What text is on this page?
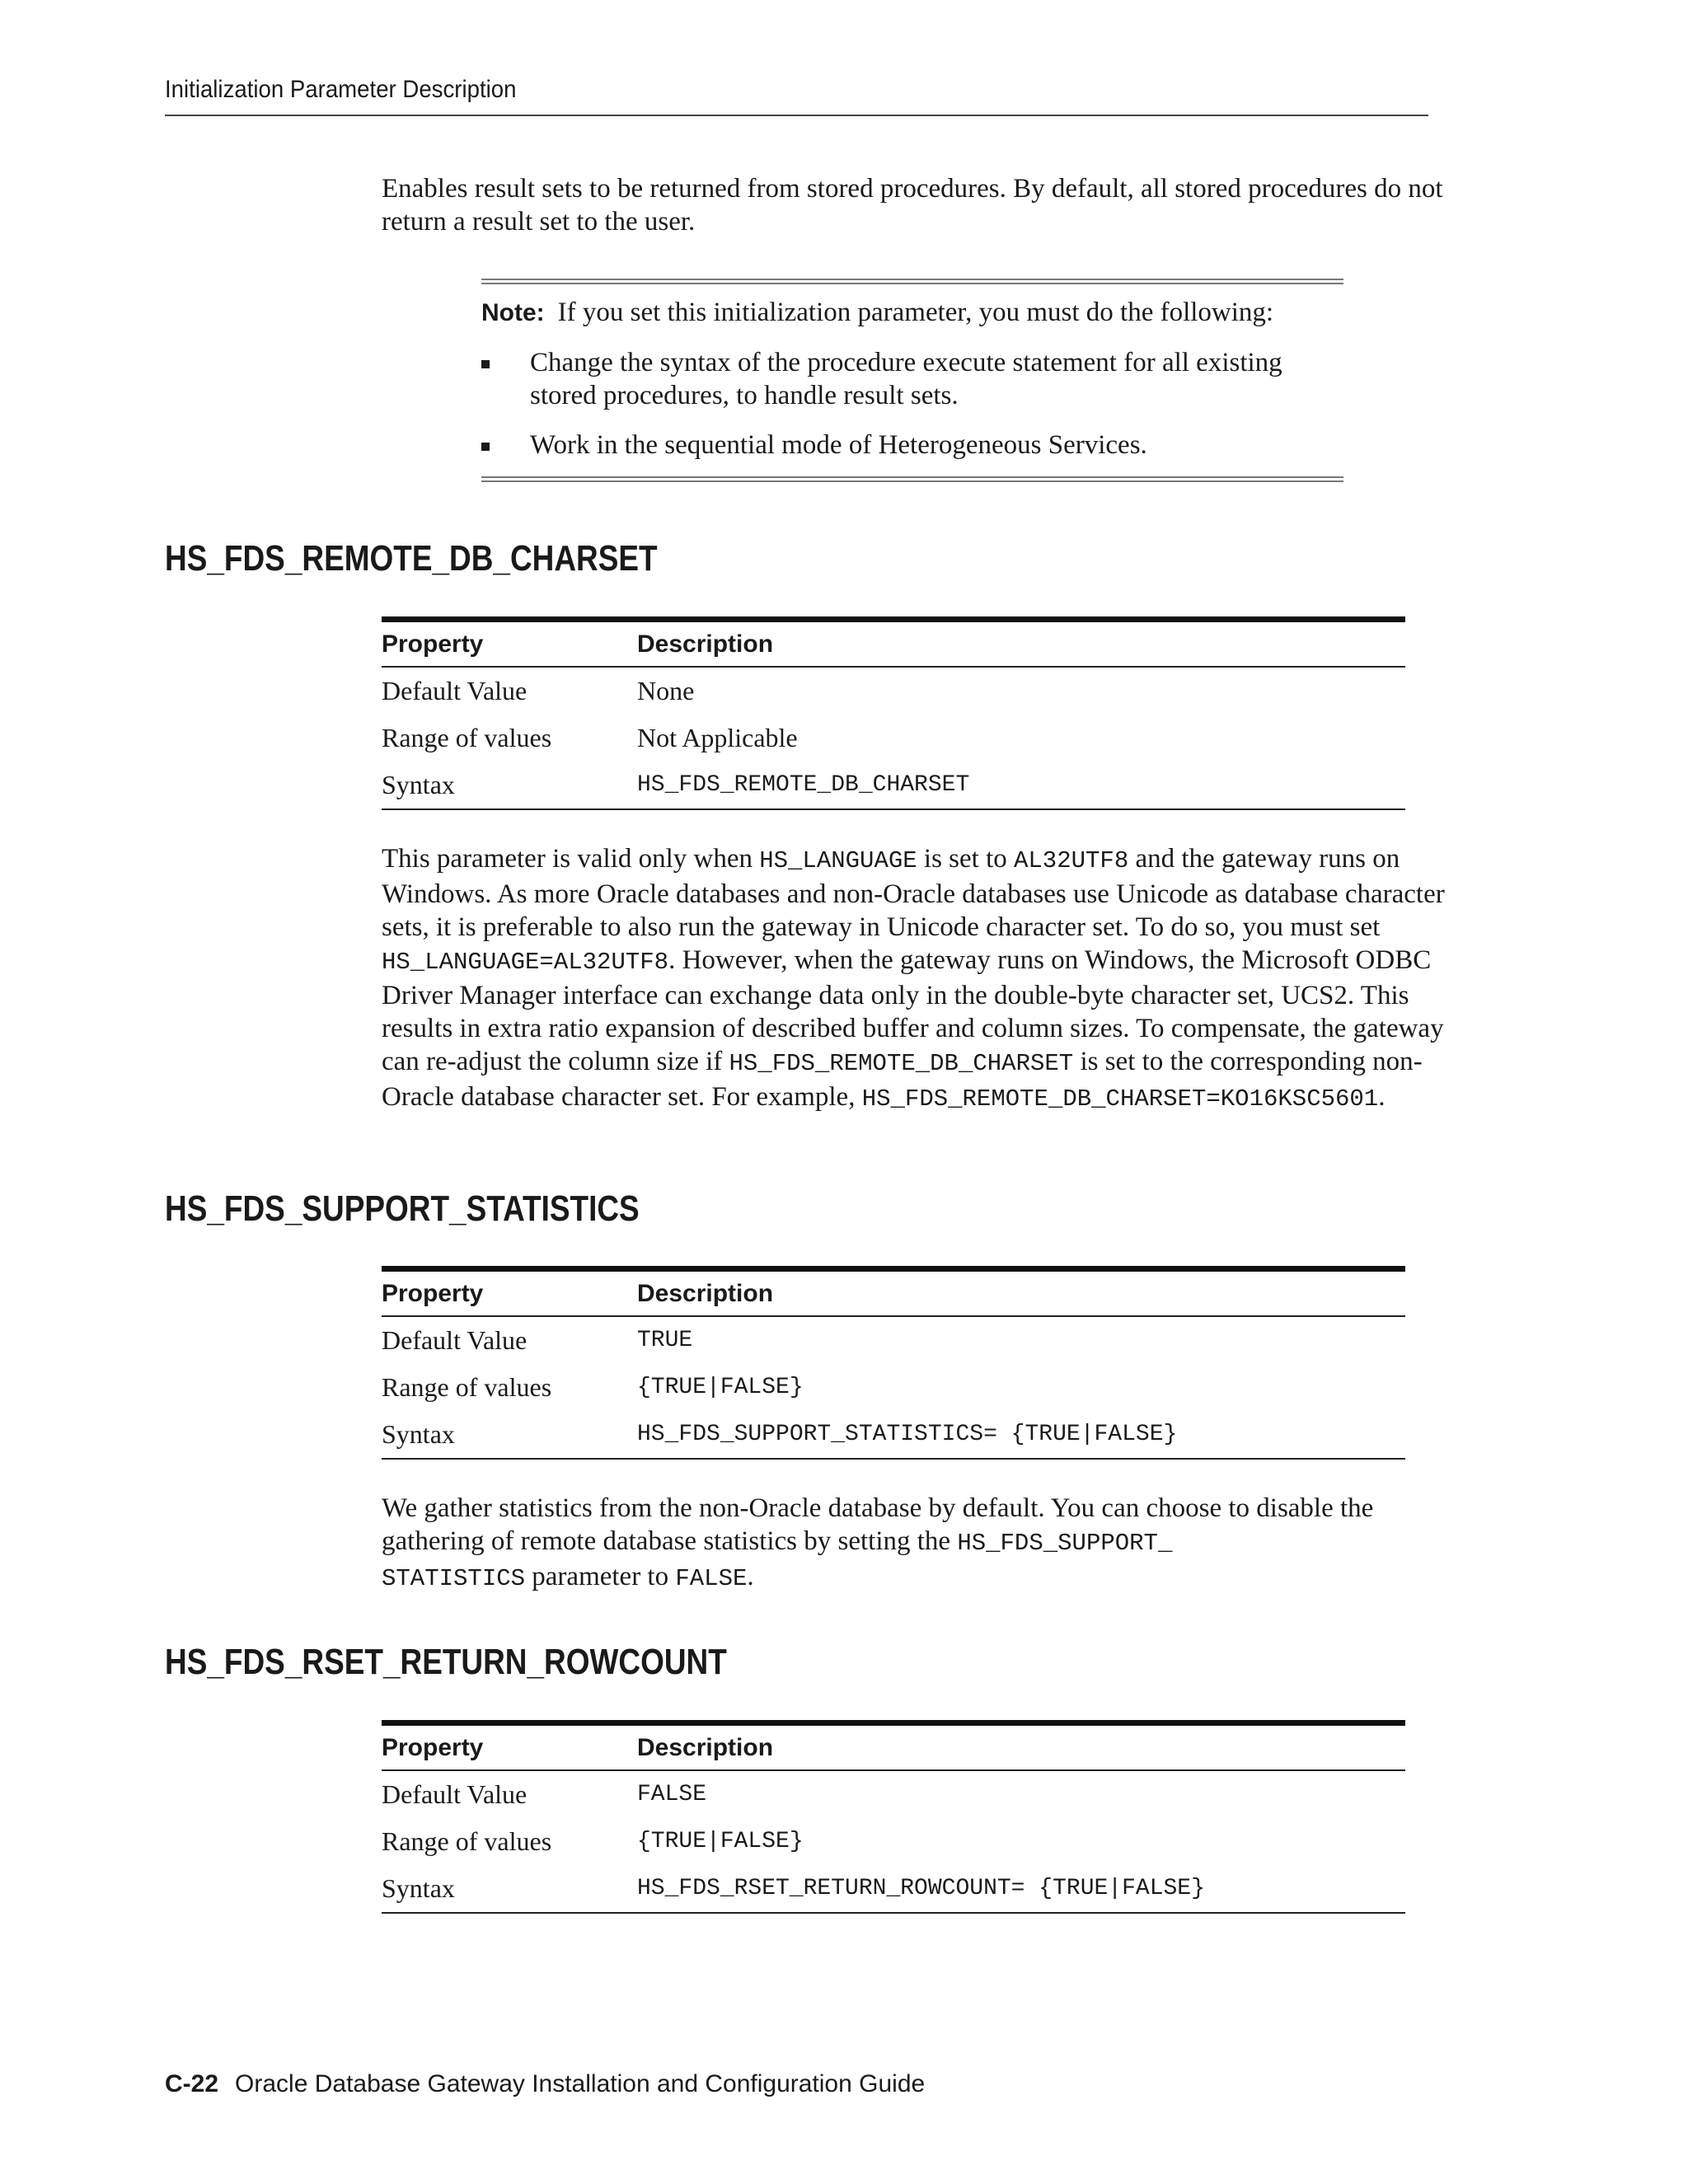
Initialization Parameter Description
Enables result sets to be returned from stored procedures. By default, all stored procedures do not return a result set to the user.
Note: If you set this initialization parameter, you must do the following:
Change the syntax of the procedure execute statement for all existing stored procedures, to handle result sets.
Work in the sequential mode of Heterogeneous Services.
HS_FDS_REMOTE_DB_CHARSET
Property	Description
Default Value	None
Range of values	Not Applicable
Syntax	HS_FDS_REMOTE_DB_CHARSET
This parameter is valid only when HS_LANGUAGE is set to AL32UTF8 and the gateway runs on Windows. As more Oracle databases and non-Oracle databases use Unicode as database character sets, it is preferable to also run the gateway in Unicode character set. To do so, you must set HS_LANGUAGE=AL32UTF8. However, when the gateway runs on Windows, the Microsoft ODBC Driver Manager interface can exchange data only in the double-byte character set, UCS2. This results in extra ratio expansion of described buffer and column sizes. To compensate, the gateway can re-adjust the column size if HS_FDS_REMOTE_DB_CHARSET is set to the corresponding non-Oracle database character set. For example, HS_FDS_REMOTE_DB_CHARSET=KO16KSC5601.
HS_FDS_SUPPORT_STATISTICS
Property	Description
Default Value	TRUE
Range of values	{TRUE|FALSE}
Syntax	HS_FDS_SUPPORT_STATISTICS= {TRUE|FALSE}
We gather statistics from the non-Oracle database by default. You can choose to disable the gathering of remote database statistics by setting the HS_FDS_SUPPORT_
STATISTICS parameter to FALSE.
HS_FDS_RSET_RETURN_ROWCOUNT
Property	Description
Default Value	FALSE
Range of values	{TRUE|FALSE}
Syntax	HS_FDS_RSET_RETURN_ROWCOUNT= {TRUE|FALSE}
C-22 Oracle Database Gateway Installation and Configuration Guide
